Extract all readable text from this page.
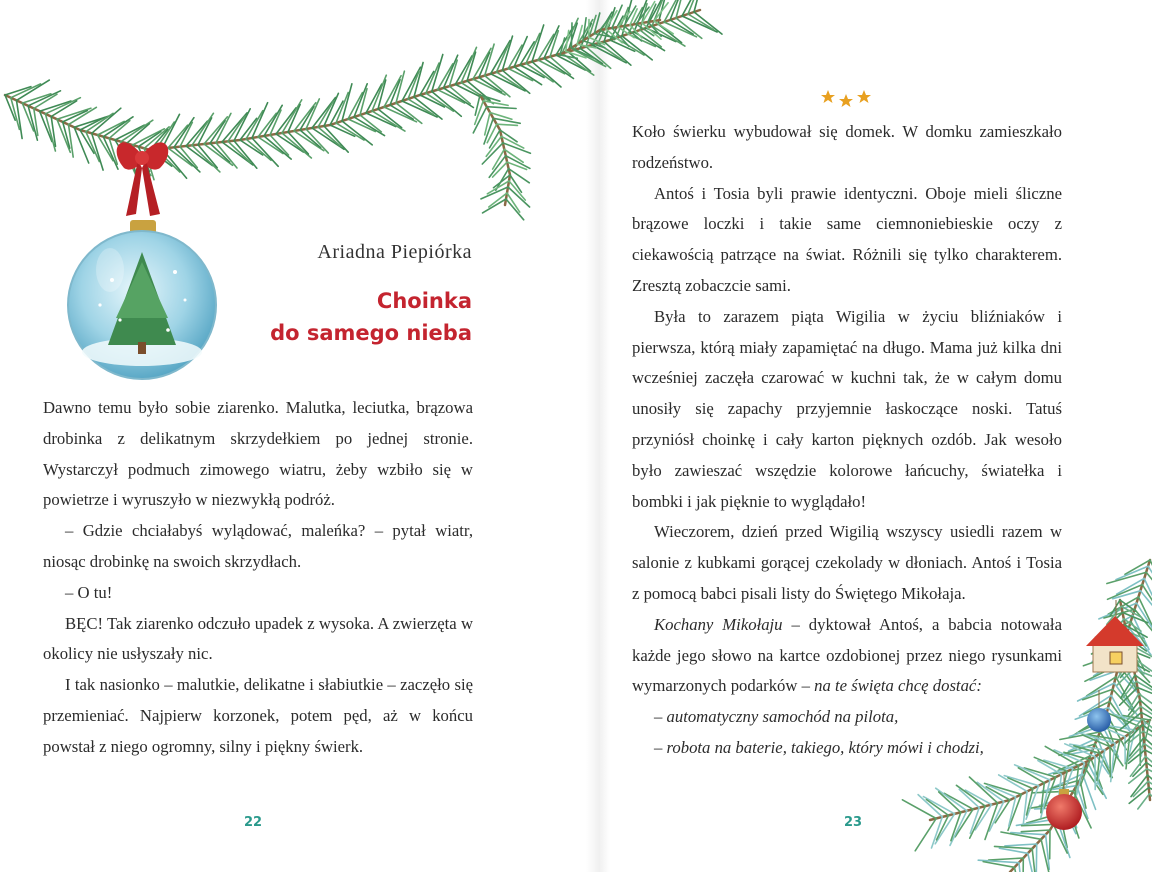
Ariadna Piepiórka
Choinka
do samego nieba

Dawno temu było sobie ziarenko. Malutka, leciutka, brązowa drobinka z delikatnym skrzydełkiem po jednej stronie. Wystarczył podmuch zimowego wiatru, żeby wzbiło się w powietrze i wyruszyło w niezwykłą podróż.

– Gdzie chciałabyś wylądować, maleńka? – pytał wiatr, niosąc drobinkę na swoich skrzydłach.

– O tu!

BĘC! Tak ziarenko odczuło upadek z wysoka. A zwierzęta w okolicy nie usłyszały nic.

I tak nasionko – malutkie, delikatne i słabiutkie – zaczęło się przemieniać. Najpierw korzonek, potem pęd, aż w końcu powstał z niego ogromny, silny i piękny świerk.

Koło świerku wybudował się domek. W domku zamieszkało rodzeństwo.

Antoś i Tosia byli prawie identyczni. Oboje mieli śliczne brązowe loczki i takie same ciemnoniebieskie oczy z ciekawością patrzące na świat. Różnili się tylko charakterem. Zresztą zobaczcie sami.

Była to zarazem piąta Wigilia w życiu bliźniaków i pierwsza, którą miały zapamiętać na długo. Mama już kilka dni wcześniej zaczęła czarować w kuchni tak, że w całym domu unosiły się zapachy przyjemnie łaskoczące noski. Tatuś przyniósł choinkę i cały karton pięknych ozdób. Jak wesoło było zawieszać wszędzie kolorowe łańcuchy, światełka i bombki i jak pięknie to wyglądało!

Wieczorem, dzień przed Wigilią wszyscy usiedli razem w salonie z kubkami gorącej czekolady w dłoniach. Antoś i Tosia z pomocą babci pisali listy do Świętego Mikołaja.

Kochany Mikołaju – dyktował Antoś, a babcia notowała każde jego słowo na kartce ozdobionej przez niego rysunkami wymarzonych podarków – na te święta chcę dostać:

– automatyczny samochód na pilota,

– robota na baterie, takiego, który mówi i chodzi,

22	23
